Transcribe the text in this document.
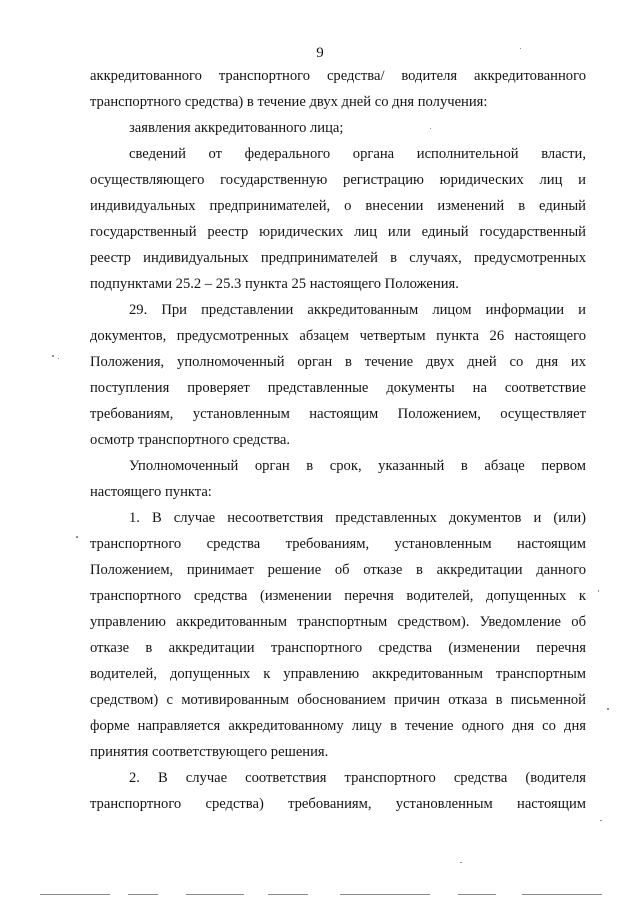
9
аккредитованного транспортного средства/ водителя аккредитованного
транспортного средства) в течение двух дней со дня получения:
заявления аккредитованного лица;
сведений от федерального органа исполнительной власти,
осуществляющего государственную регистрацию юридических лиц и
индивидуальных предпринимателей, о внесении изменений в единый
государственный реестр юридических лиц или единый государственный
реестр индивидуальных предпринимателей в случаях, предусмотренных
подпунктами 25.2 – 25.3 пункта 25 настоящего Положения.
29. При представлении аккредитованным лицом информации и
документов, предусмотренных абзацем четвертым пункта 26 настоящего
Положения, уполномоченный орган в течение двух дней со дня их
поступления проверяет представленные документы на соответствие
требованиям, установленным настоящим Положением, осуществляет
осмотр транспортного средства.
Уполномоченный орган в срок, указанный в абзаце первом
настоящего пункта:
1. В случае несоответствия представленных документов и (или)
транспортного средства требованиям, установленным настоящим
Положением, принимает решение об отказе в аккредитации данного
транспортного средства (изменении перечня водителей, допущенных к
управлению аккредитованным транспортным средством). Уведомление об
отказе в аккредитации транспортного средства (изменении перечня
водителей, допущенных к управлению аккредитованным транспортным
средством) с мотивированным обоснованием причин отказа в письменной
форме направляется аккредитованному лицу в течение одного дня со дня
принятия соответствующего решения.
2. В случае соответствия транспортного средства (водителя
транспортного средства) требованиям, установленным настоящим
